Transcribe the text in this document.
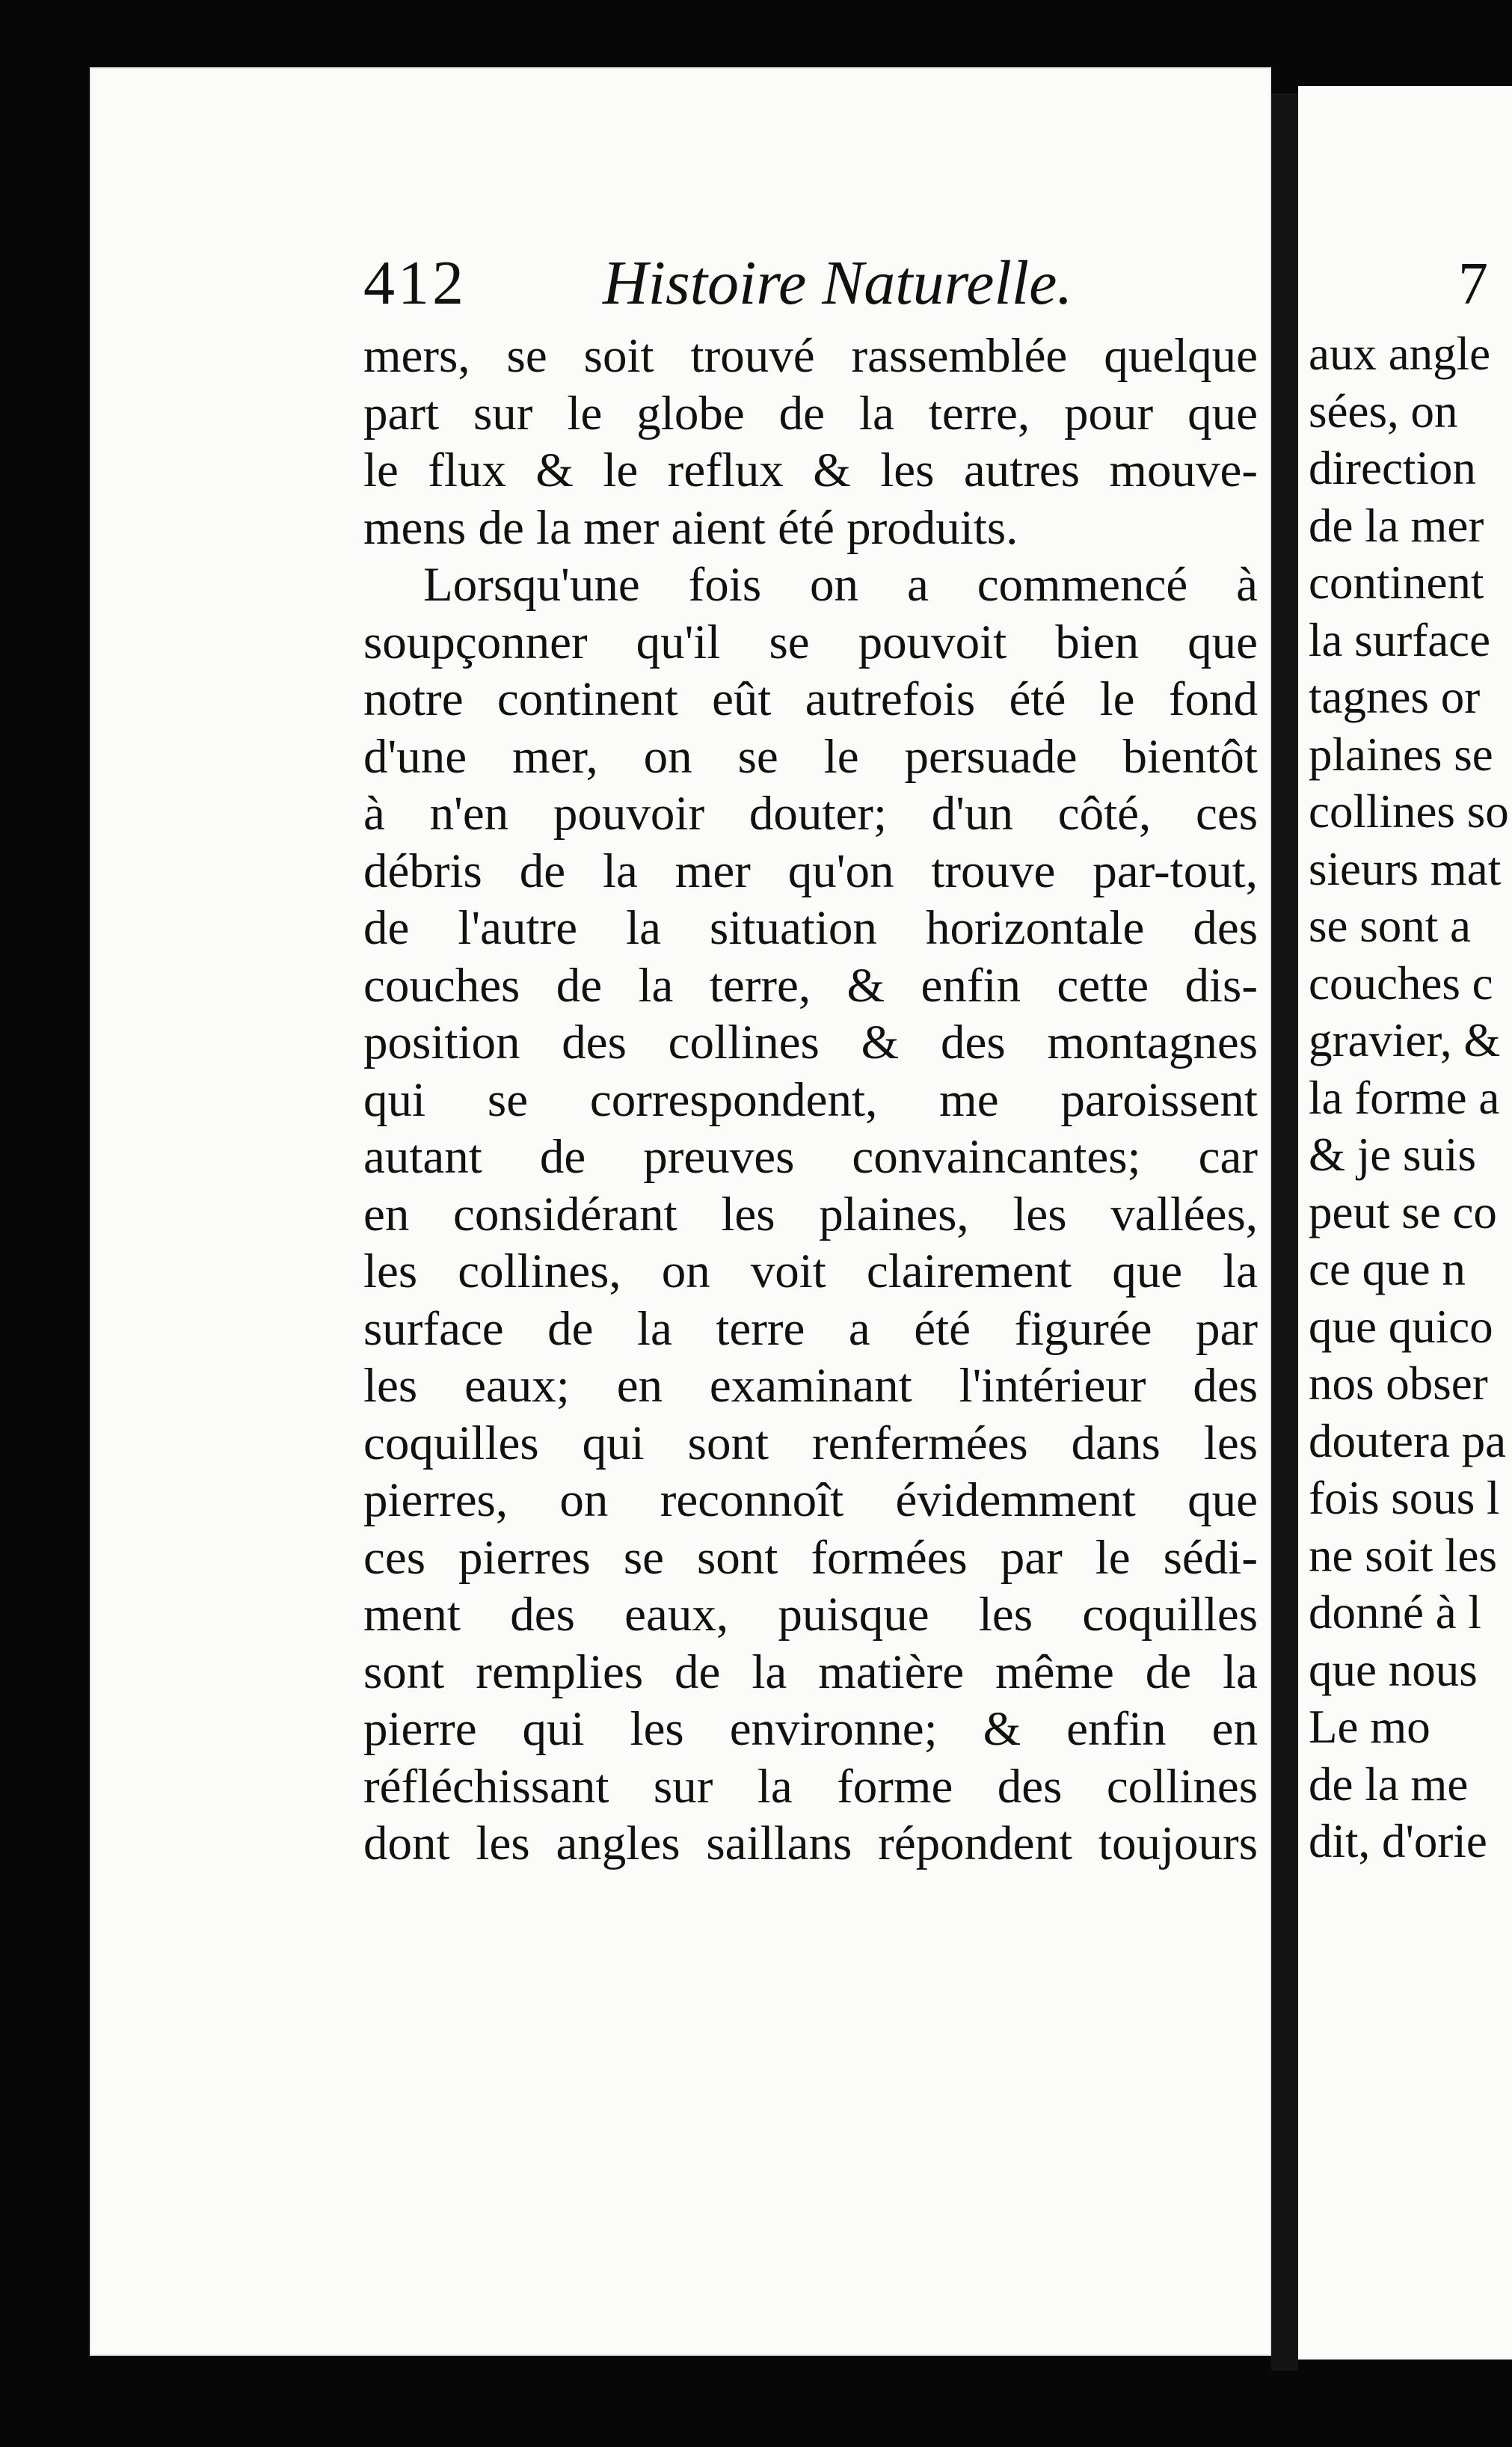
412 Histoire Naturelle.
mers, se soit trouvé rassemblée quelque
part sur le globe de la terre, pour que
le flux & le reflux & les autres mouve-
mens de la mer aient été produits.
Lorsqu'une fois on a commencé à
soupçonner qu'il se pouvoit bien que
notre continent eût autrefois été le fond
d'une mer, on se le persuade bientôt
à n'en pouvoir douter; d'un côté, ces
débris de la mer qu'on trouve par-tout,
de l'autre la situation horizontale des
couches de la terre, & enfin cette dis-
position des collines & des montagnes
qui se correspondent, me paroissent
autant de preuves convaincantes; car
en considérant les plaines, les vallées,
les collines, on voit clairement que la
surface de la terre a été figurée par
les eaux; en examinant l'intérieur des
coquilles qui sont renfermées dans les
pierres, on reconnoît évidemment que
ces pierres se sont formées par le sédi-
ment des eaux, puisque les coquilles
sont remplies de la matière même de la
pierre qui les environne; & enfin en
réfléchissant sur la forme des collines
dont les angles saillans répondent toujours
7
aux angle
sées, on
direction
de la mer
continent
la surface
tagnes or
plaines se
collines so
sieurs mat
se sont a
couches c
gravier, &
la forme a
& je suis
peut se co
ce que n
que quico
nos obser
doutera pa
fois sous l
ne soit les
donné à l
que nous
Le mo
de la me
dit, d'orie
